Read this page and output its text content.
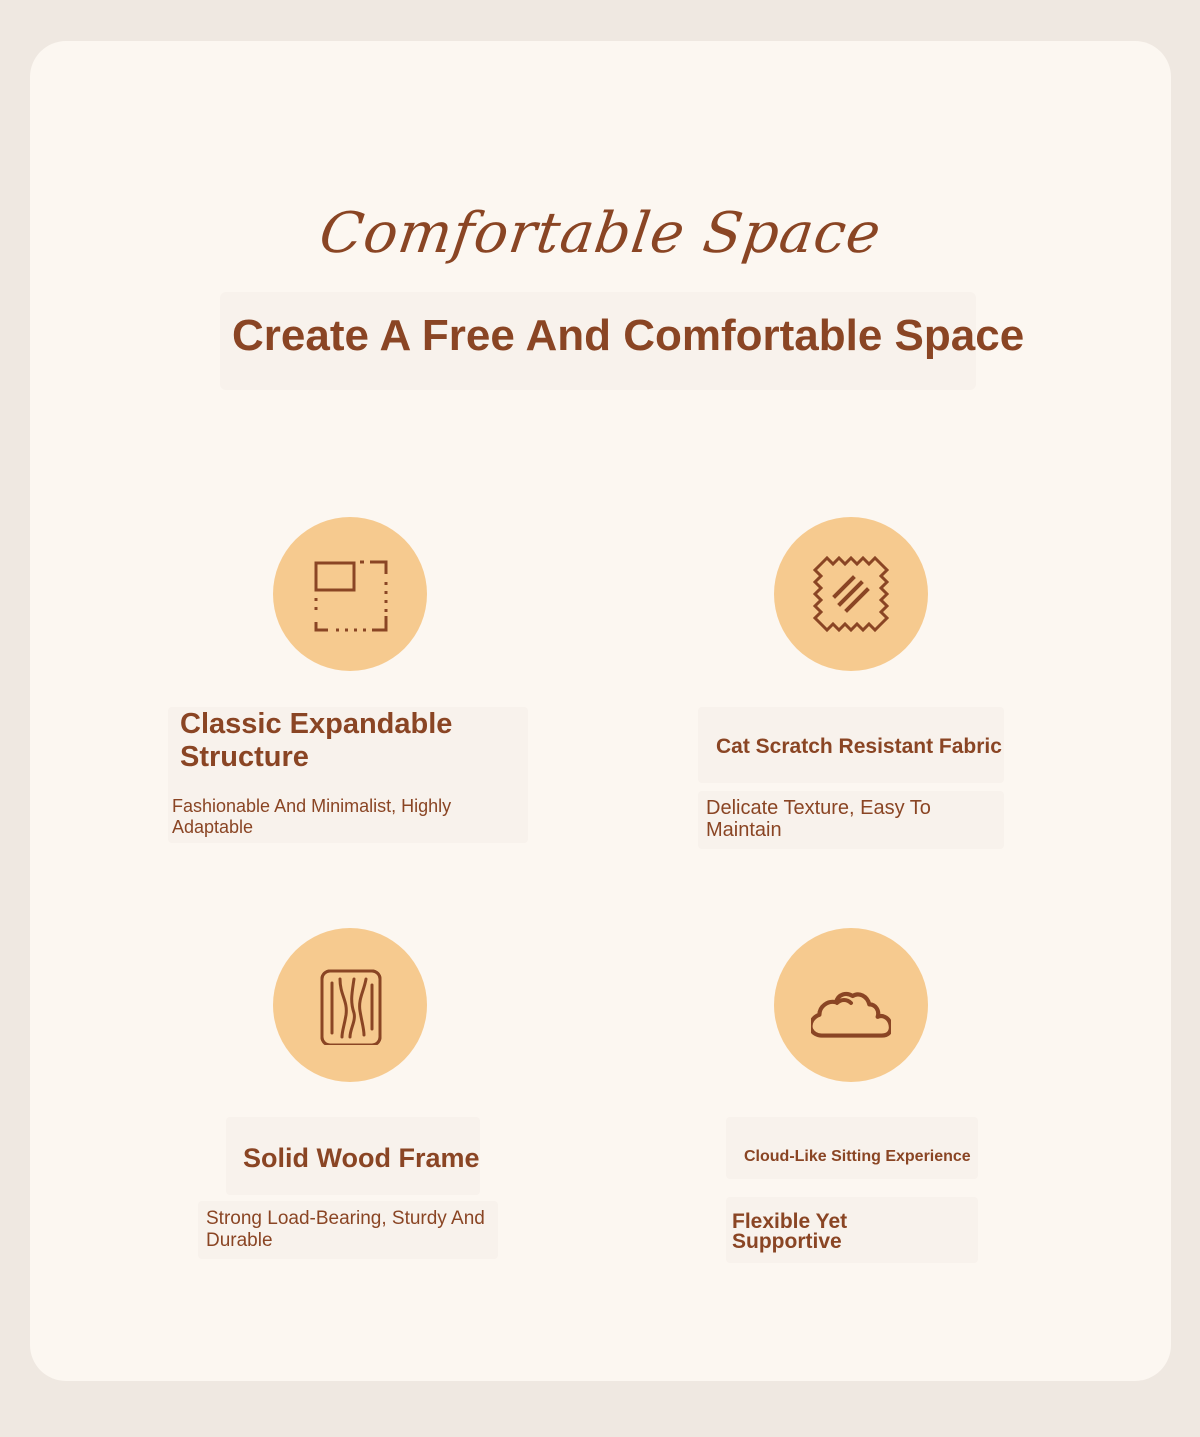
Comfortable Space
Create A Free And Comfortable Space
Classic Expandable Structure
Fashionable And Minimalist, Highly Adaptable
Cat Scratch Resistant Fabric
Delicate Texture, Easy To Maintain
Solid Wood Frame
Strong Load-Bearing, Sturdy And Durable
Cloud-Like Sitting Experience
Flexible Yet Supportive
